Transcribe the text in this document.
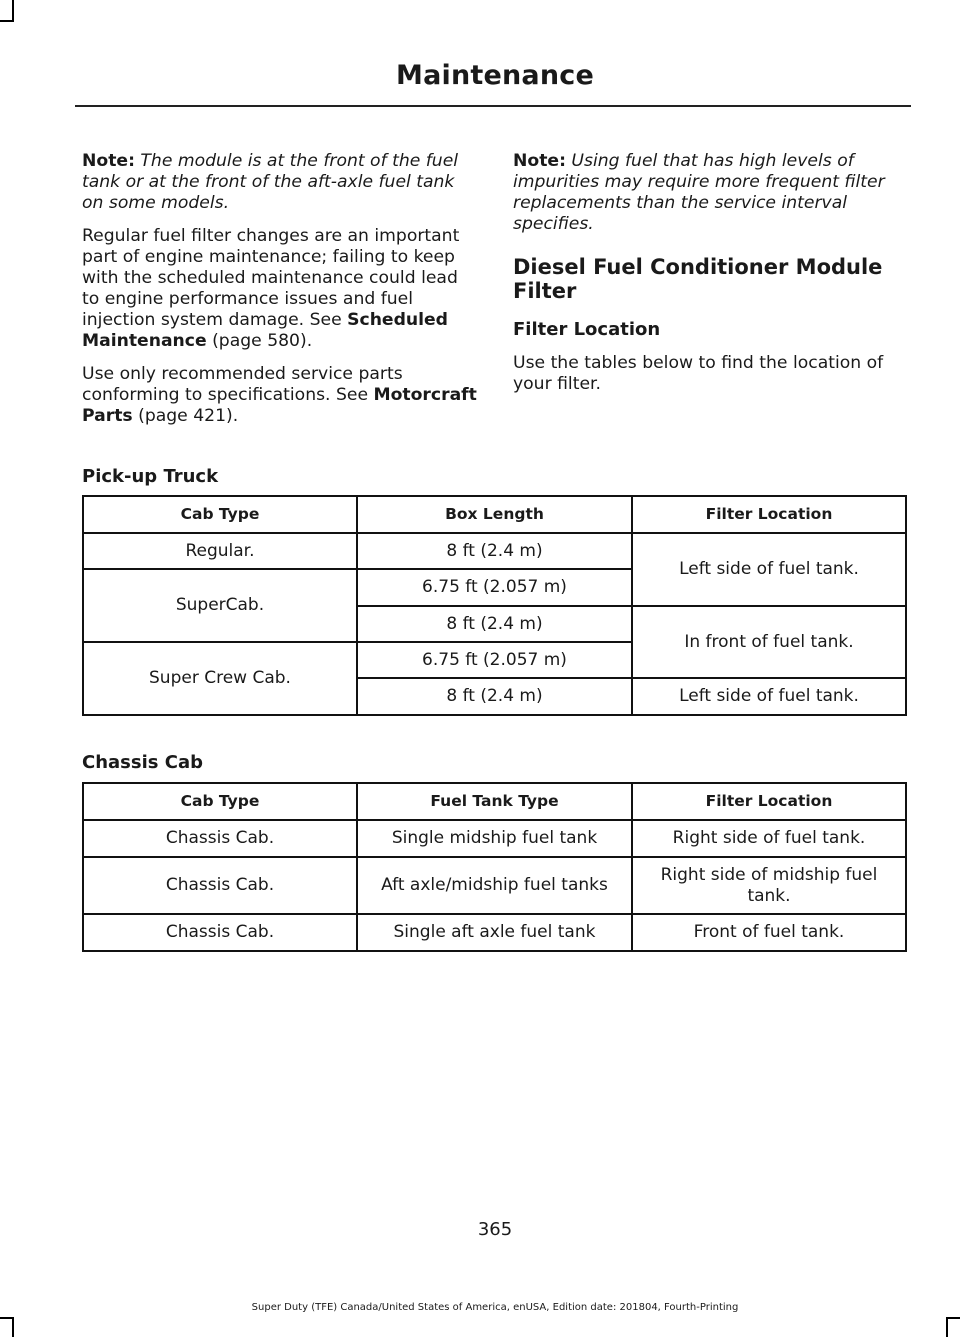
Maintenance

Note: The module is at the front of the fuel tank or at the front of the aft-axle fuel tank on some models.

Regular fuel filter changes are an important part of engine maintenance; failing to keep with the scheduled maintenance could lead to engine performance issues and fuel injection system damage. See Scheduled Maintenance (page 580).

Use only recommended service parts conforming to specifications. See Motorcraft Parts (page 421).

Note: Using fuel that has high levels of impurities may require more frequent filter replacements than the service interval specifies.

Diesel Fuel Conditioner Module Filter
Filter Location

Use the tables below to find the location of your filter.

Pick-up Truck
Cab Type	Box Length	Filter Location
Regular.	8 ft (2.4 m)	Left side of fuel tank.
SuperCab.	6.75 ft (2.057 m)	
	8 ft (2.4 m)	In front of fuel tank.
Super Crew Cab.	6.75 ft (2.057 m)	
	8 ft (2.4 m)	Left side of fuel tank.
Chassis Cab
Cab Type	Fuel Tank Type	Filter Location
Chassis Cab.	Single midship fuel tank	Right side of fuel tank.
Chassis Cab.	Aft axle/midship fuel tanks	Right side of midship fuel tank.
Chassis Cab.	Single aft axle fuel tank	Front of fuel tank.
365
Super Duty (TFE) Canada/United States of America, enUSA, Edition date: 201804, Fourth-Printing
